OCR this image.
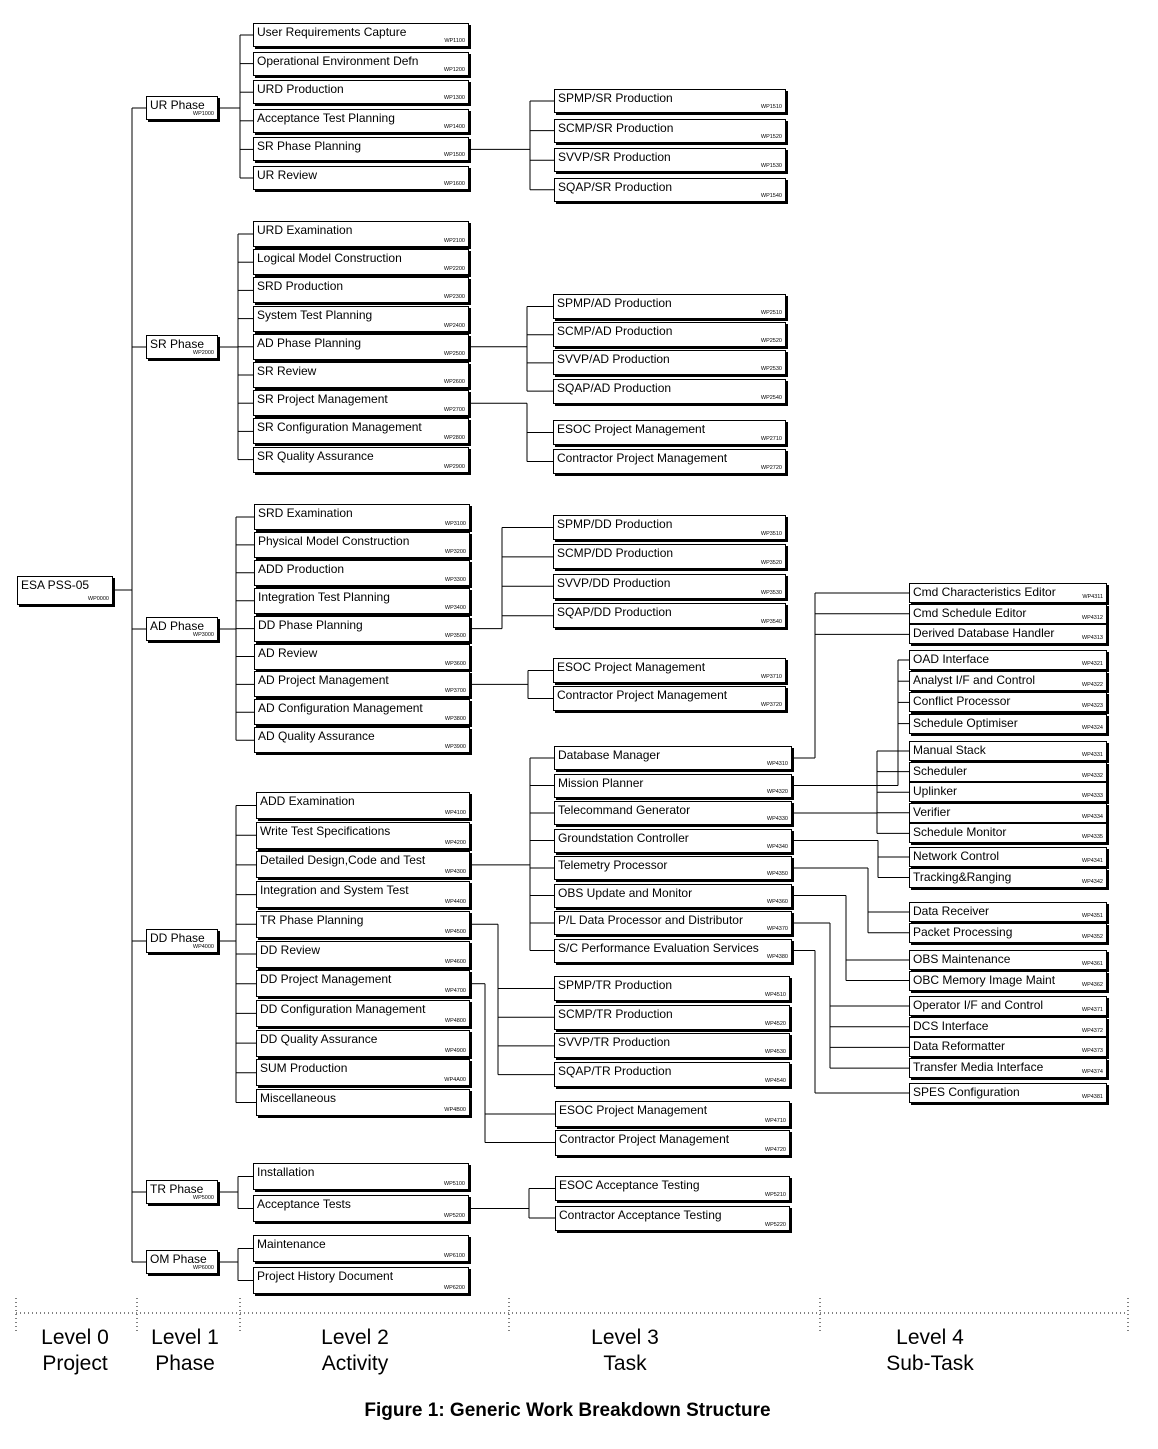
ESA PSS-05
WP0000
UR Phase
WP1000
SR Phase
WP2000
AD Phase
WP3000
DD Phase
WP4000
TR Phase
WP5000
OM Phase
WP6000
User Requirements Capture
WP1100
Operational Environment Defn
WP1200
URD Production
WP1300
Acceptance Test Planning
WP1400
SR Phase Planning
WP1500
UR Review
WP1600
URD Examination
WP2100
Logical Model Construction
WP2200
SRD Production
WP2300
System Test Planning
WP2400
AD Phase Planning
WP2500
SR Review
WP2600
SR Project Management
WP2700
SR Configuration Management
WP2800
SR Quality Assurance
WP2900
SRD Examination
WP3100
Physical Model Construction
WP3200
ADD Production
WP3300
Integration Test Planning
WP3400
DD Phase Planning
WP3500
AD Review
WP3600
AD Project Management
WP3700
AD Configuration Management
WP3800
AD Quality Assurance
WP3900
ADD Examination
WP4100
Write Test Specifications
WP4200
Detailed Design,Code and Test
WP4300
Integration and System Test
WP4400
TR Phase Planning
WP4500
DD Review
WP4600
DD Project Management
WP4700
DD Configuration Management
WP4800
DD Quality Assurance
WP4900
SUM Production
WP4A00
Miscellaneous
WP4B00
Installation
WP5100
Acceptance Tests
WP5200
Maintenance
WP6100
Project History Document
WP6200
SPMP/SR Production
WP1510
SCMP/SR Production
WP1520
SVVP/SR Production
WP1530
SQAP/SR Production
WP1540
SPMP/AD Production
WP2510
SCMP/AD Production
WP2520
SVVP/AD Production
WP2530
SQAP/AD Production
WP2540
ESOC Project Management
WP2710
Contractor Project Management
WP2720
SPMP/DD Production
WP3510
SCMP/DD Production
WP3520
SVVP/DD Production
WP3530
SQAP/DD Production
WP3540
ESOC Project Management
WP3710
Contractor Project Management
WP3720
Database Manager
WP4310
Mission Planner
WP4320
Telecommand Generator
WP4330
Groundstation Controller
WP4340
Telemetry Processor
WP4350
OBS Update and Monitor
WP4360
P/L Data Processor and Distributor
WP4370
S/C Performance Evaluation Services
WP4380
SPMP/TR Production
WP4510
SCMP/TR Production
WP4520
SVVP/TR Production
WP4530
SQAP/TR Production
WP4540
ESOC Project Management
WP4710
Contractor Project Management
WP4720
ESOC Acceptance Testing
WP5210
Contractor Acceptance Testing
WP5220
Cmd Characteristics Editor	WP4311
Cmd Schedule Editor	WP4312
Derived Database Handler	WP4313
OAD Interface	WP4321
Analyst I/F and Control	WP4322
Conflict Processor	WP4323
Schedule Optimiser	WP4324
Manual Stack	WP4331
Scheduler	WP4332
Uplinker	WP4333
Verifier	WP4334
Schedule Monitor	WP4335
Network Control	WP4341
Tracking&Ranging	WP4342
Data Receiver	WP4351
Packet Processing	WP4352
OBS Maintenance	WP4361
OBC Memory Image Maint	WP4362
Operator I/F and Control	WP4371
DCS Interface	WP4372
Data Reformatter	WP4373
Transfer Media Interface	WP4374
SPES Configuration	WP4381
Level 0
Project
Level 1
Phase
Level 2
Activity
Level 3
Task
Level 4
Sub-Task
Figure 1: Generic Work Breakdown Structure
